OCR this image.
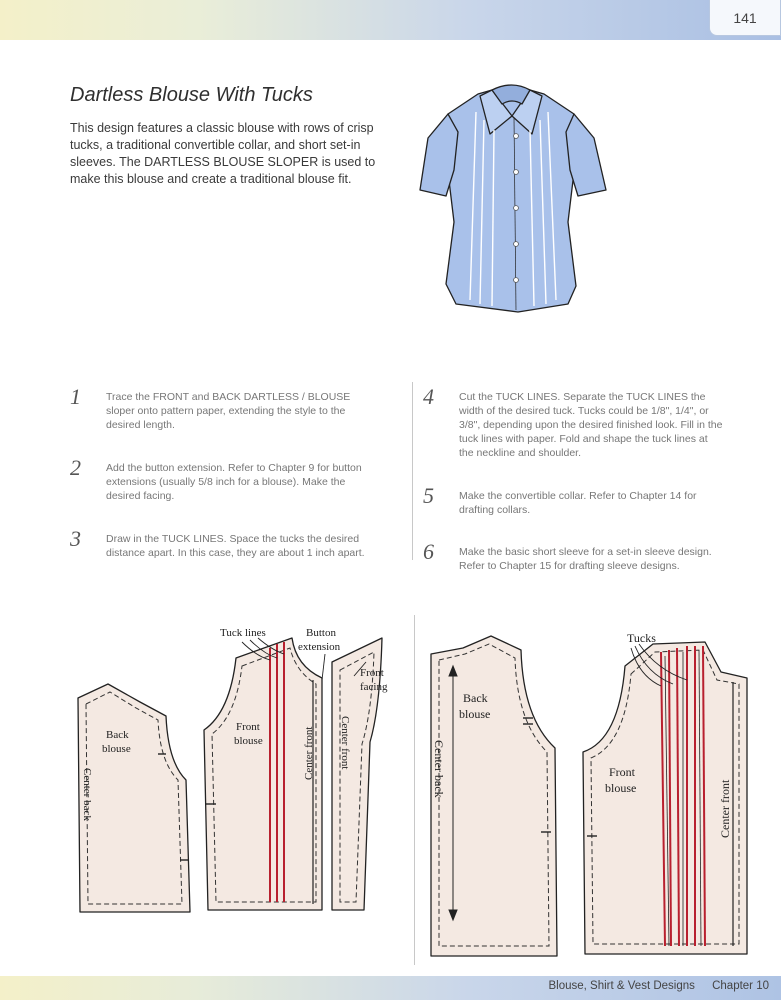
141
Dartless Blouse With Tucks

This design features a classic blouse with rows of crisp tucks, a traditional convertible collar, and short set-in sleeves. The DARTLESS BLOUSE SLOPER is used to make this blouse and create a traditional blouse fit.

1 Trace the FRONT and BACK DARTLESS / BLOUSE sloper onto pattern paper, extending the style to the desired length.

2 Add the button extension. Refer to Chapter 9 for button extensions (usually 5/8 inch for a blouse). Make the desired facing.

3 Draw in the TUCK LINES. Space the tucks the desired distance apart. In this case, they are about 1 inch apart.

4 Cut the TUCK LINES. Separate the TUCK LINES the width of the desired tuck. Tucks could be 1/8", 1/4", or 3/8", depending upon the desired finished look. Fill in the tuck lines with paper. Fold and shape the tuck lines at the neckline and shoulder.

5 Make the convertible collar. Refer to Chapter 14 for drafting collars.

6 Make the basic short sleeve for a set-in sleeve design. Refer to Chapter 15 for drafting sleeve designs.

Tuck lines	Button
extension
Front
facing
Back
blouse
Front
blouse
Center back
Center front Center front
Tucks
Back
blouse
Front
blouse
Center back
Center front
Blouse, Shirt & Vest Designs Chapter 10
